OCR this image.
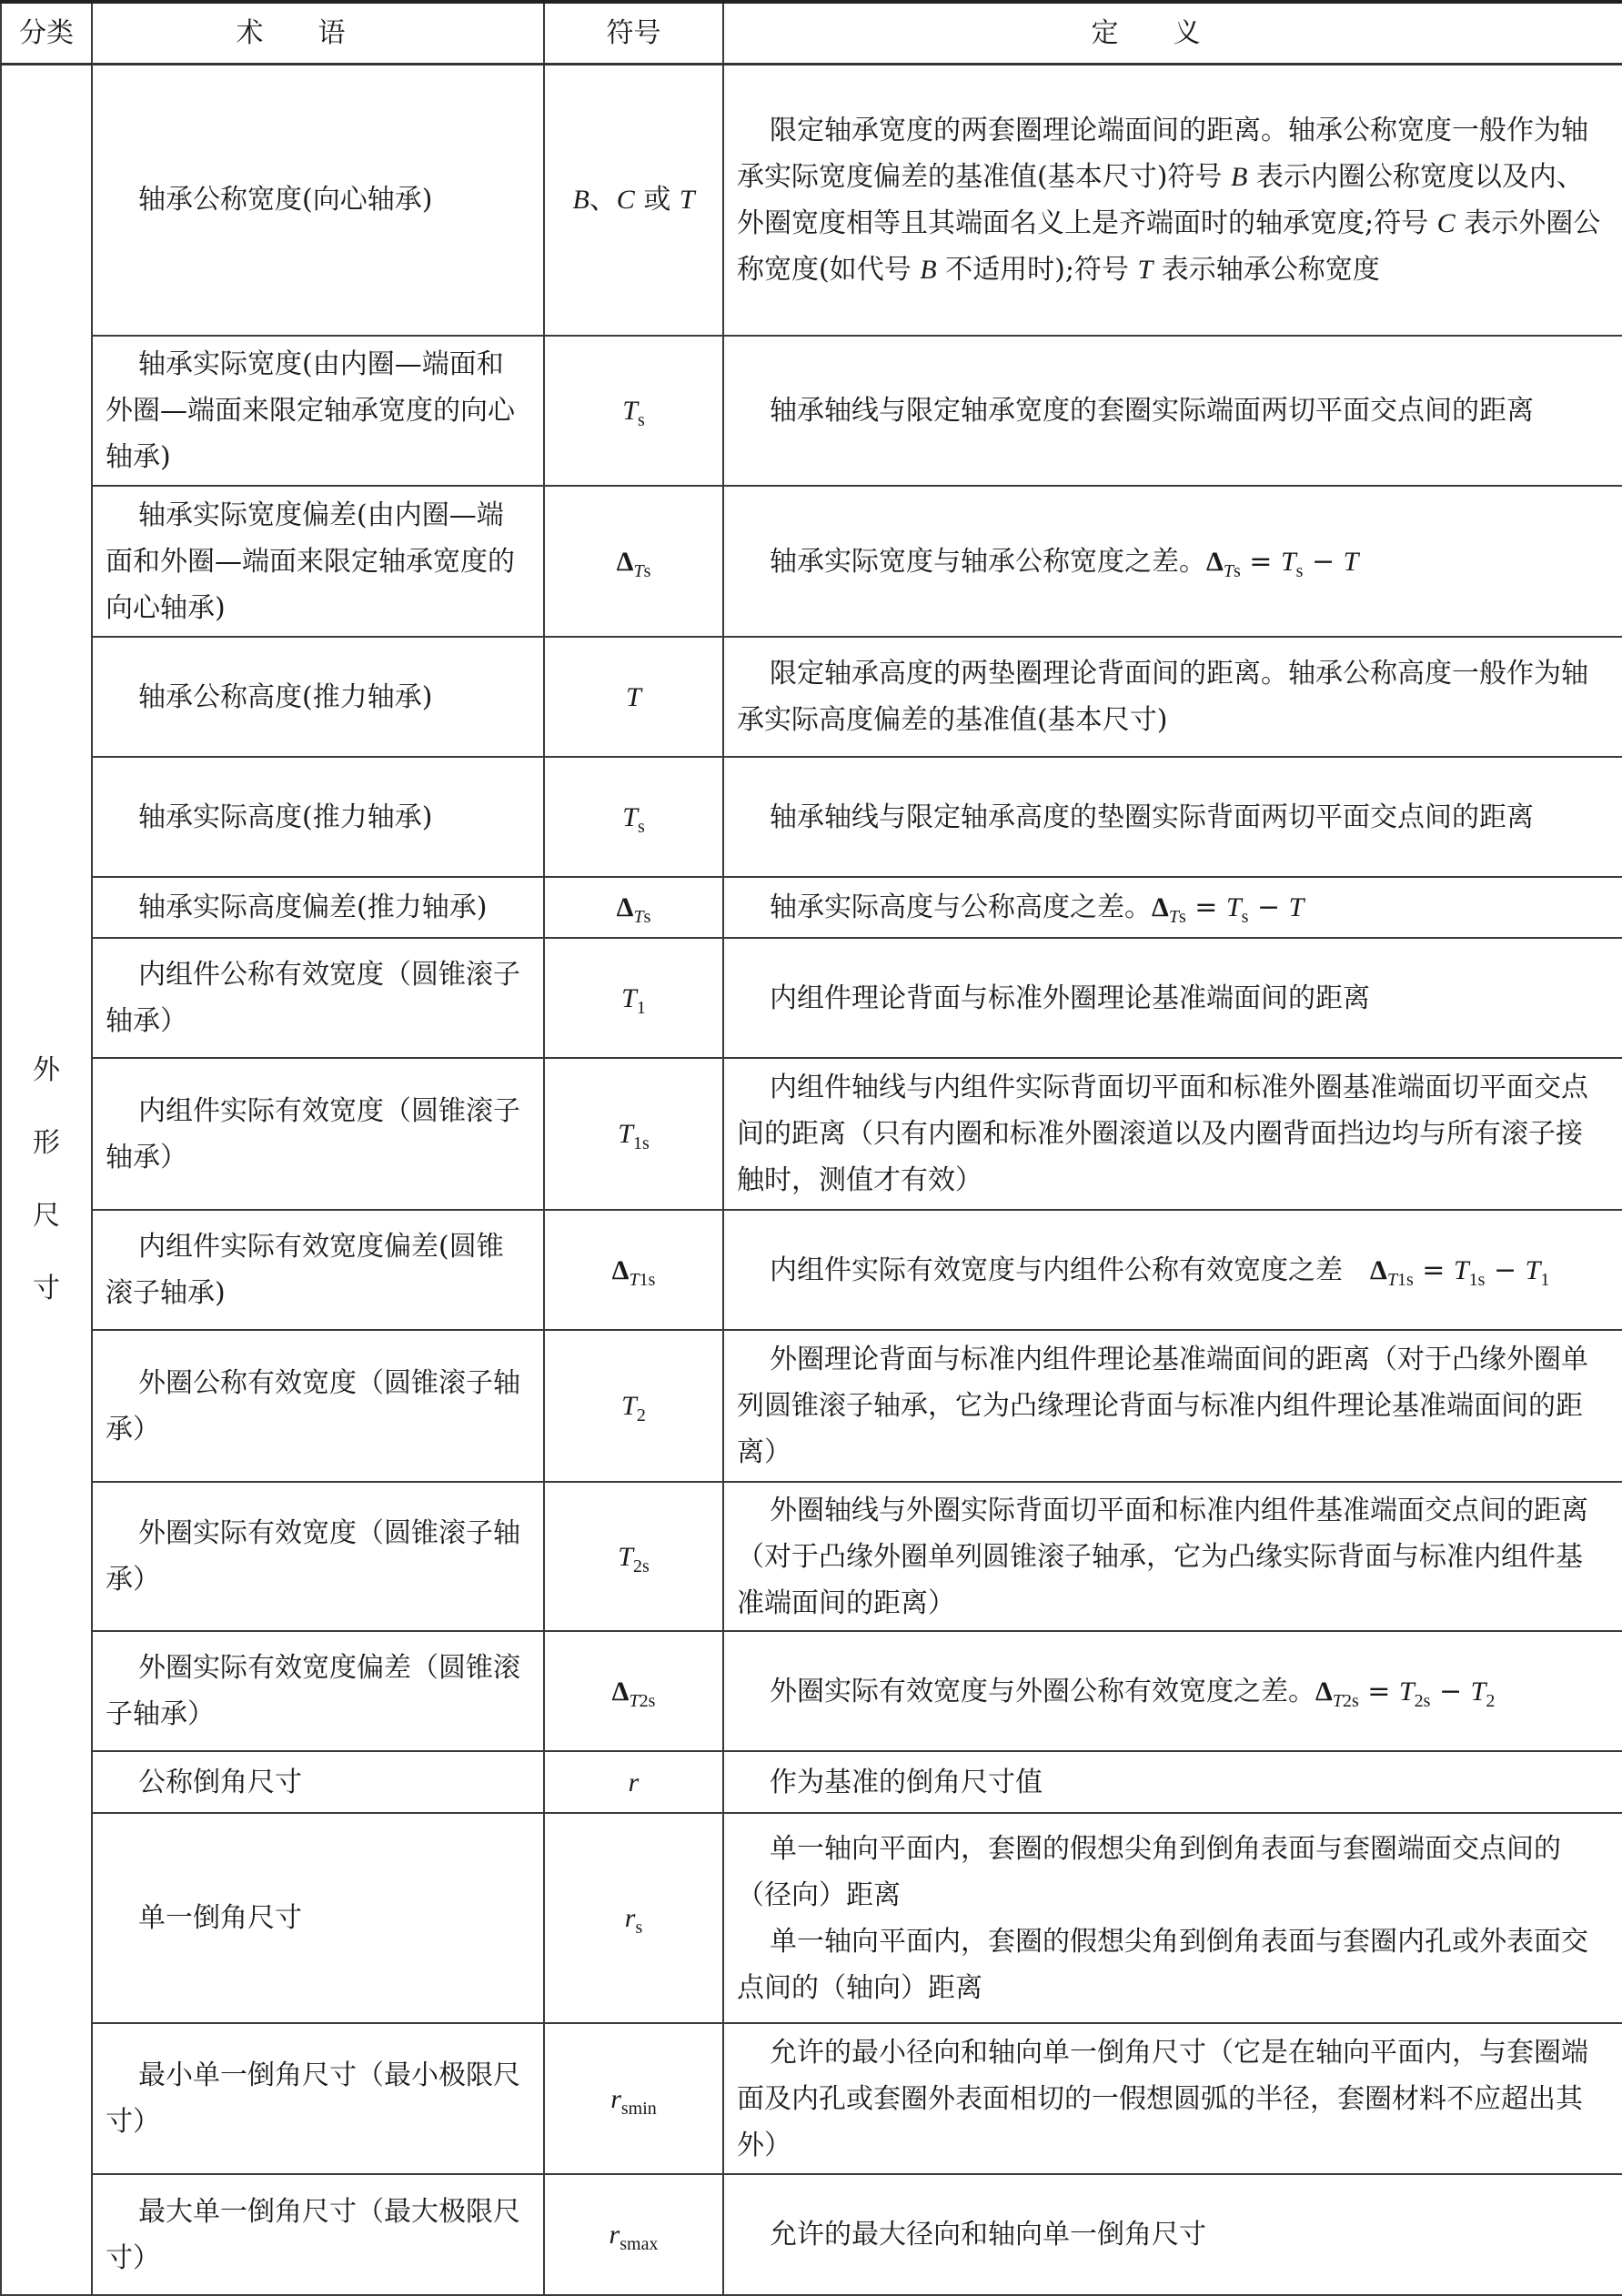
分类	术语	符号	定义

外
形
尺
寸	轴承公称宽度(向心轴承)	B、C 或 T	限定轴承宽度的两套圈理论端面间的距离。轴承公称宽度一般作为轴承实际宽度偏差的基准值(基本尺寸)符号 B 表示内圈公称宽度以及内、外圈宽度相等且其端面名义上是齐端面时的轴承宽度;符号 C 表示外圈公称宽度(如代号 B 不适用时);符号 T 表示轴承公称宽度

	轴承实际宽度(由内圈—端面和外圈—端面来限定轴承宽度的向心轴承)	$T_s$	轴承轴线与限定轴承宽度的套圈实际端面两切平面交点间的距离

	轴承实际宽度偏差(由内圈—端面和外圈—端面来限定轴承宽度的向心轴承)	$\Delta_{Ts}$	轴承实际宽度与轴承公称宽度之差。$\Delta_{Ts} = T_s - T$

	轴承公称高度(推力轴承)	T	限定轴承高度的两垫圈理论背面间的距离。轴承公称高度一般作为轴承实际高度偏差的基准值(基本尺寸)

	轴承实际高度(推力轴承)	$T_s$	轴承轴线与限定轴承高度的垫圈实际背面两切平面交点间的距离

	轴承实际高度偏差(推力轴承)	$\Delta_{Ts}$	轴承实际高度与公称高度之差。$\Delta_{Ts} = T_s - T$

	内组件公称有效宽度（圆锥滚子轴承）	$T_1$	内组件理论背面与标准外圈理论基准端面间的距离

	内组件实际有效宽度（圆锥滚子轴承）	$T_{1s}$	内组件轴线与内组件实际背面切平面和标准外圈基准端面切平面交点间的距离（只有内圈和标准外圈滚道以及内圈背面挡边均与所有滚子接触时，测值才有效）

	内组件实际有效宽度偏差(圆锥滚子轴承)	$\Delta_{T1s}$	内组件实际有效宽度与内组件公称有效宽度之差　$\Delta_{T1s} = T_{1s} - T_1$

	外圈公称有效宽度（圆锥滚子轴承）	$T_2$	外圈理论背面与标准内组件理论基准端面间的距离（对于凸缘外圈单列圆锥滚子轴承，它为凸缘理论背面与标准内组件理论基准端面间的距离）

	外圈实际有效宽度（圆锥滚子轴承）	$T_{2s}$	外圈轴线与外圈实际背面切平面和标准内组件基准端面交点间的距离（对于凸缘外圈单列圆锥滚子轴承，它为凸缘实际背面与标准内组件基准端面间的距离）

	外圈实际有效宽度偏差（圆锥滚子轴承）	$\Delta_{T2s}$	外圈实际有效宽度与外圈公称有效宽度之差。$\Delta_{T2s} = T_{2s} - T_2$

	公称倒角尺寸	r	作为基准的倒角尺寸值

	单一倒角尺寸	$r_s$	单一轴向平面内，套圈的假想尖角到倒角表面与套圈端面交点间的（径向）距离

单一轴向平面内，套圈的假想尖角到倒角表面与套圈内孔或外表面交点间的（轴向）距离

	最小单一倒角尺寸（最小极限尺寸）	$r_{smin}$	允许的最小径向和轴向单一倒角尺寸（它是在轴向平面内，与套圈端面及内孔或套圈外表面相切的一假想圆弧的半径，套圈材料不应超出其外）

	最大单一倒角尺寸（最大极限尺寸）	$r_{smax}$	允许的最大径向和轴向单一倒角尺寸
